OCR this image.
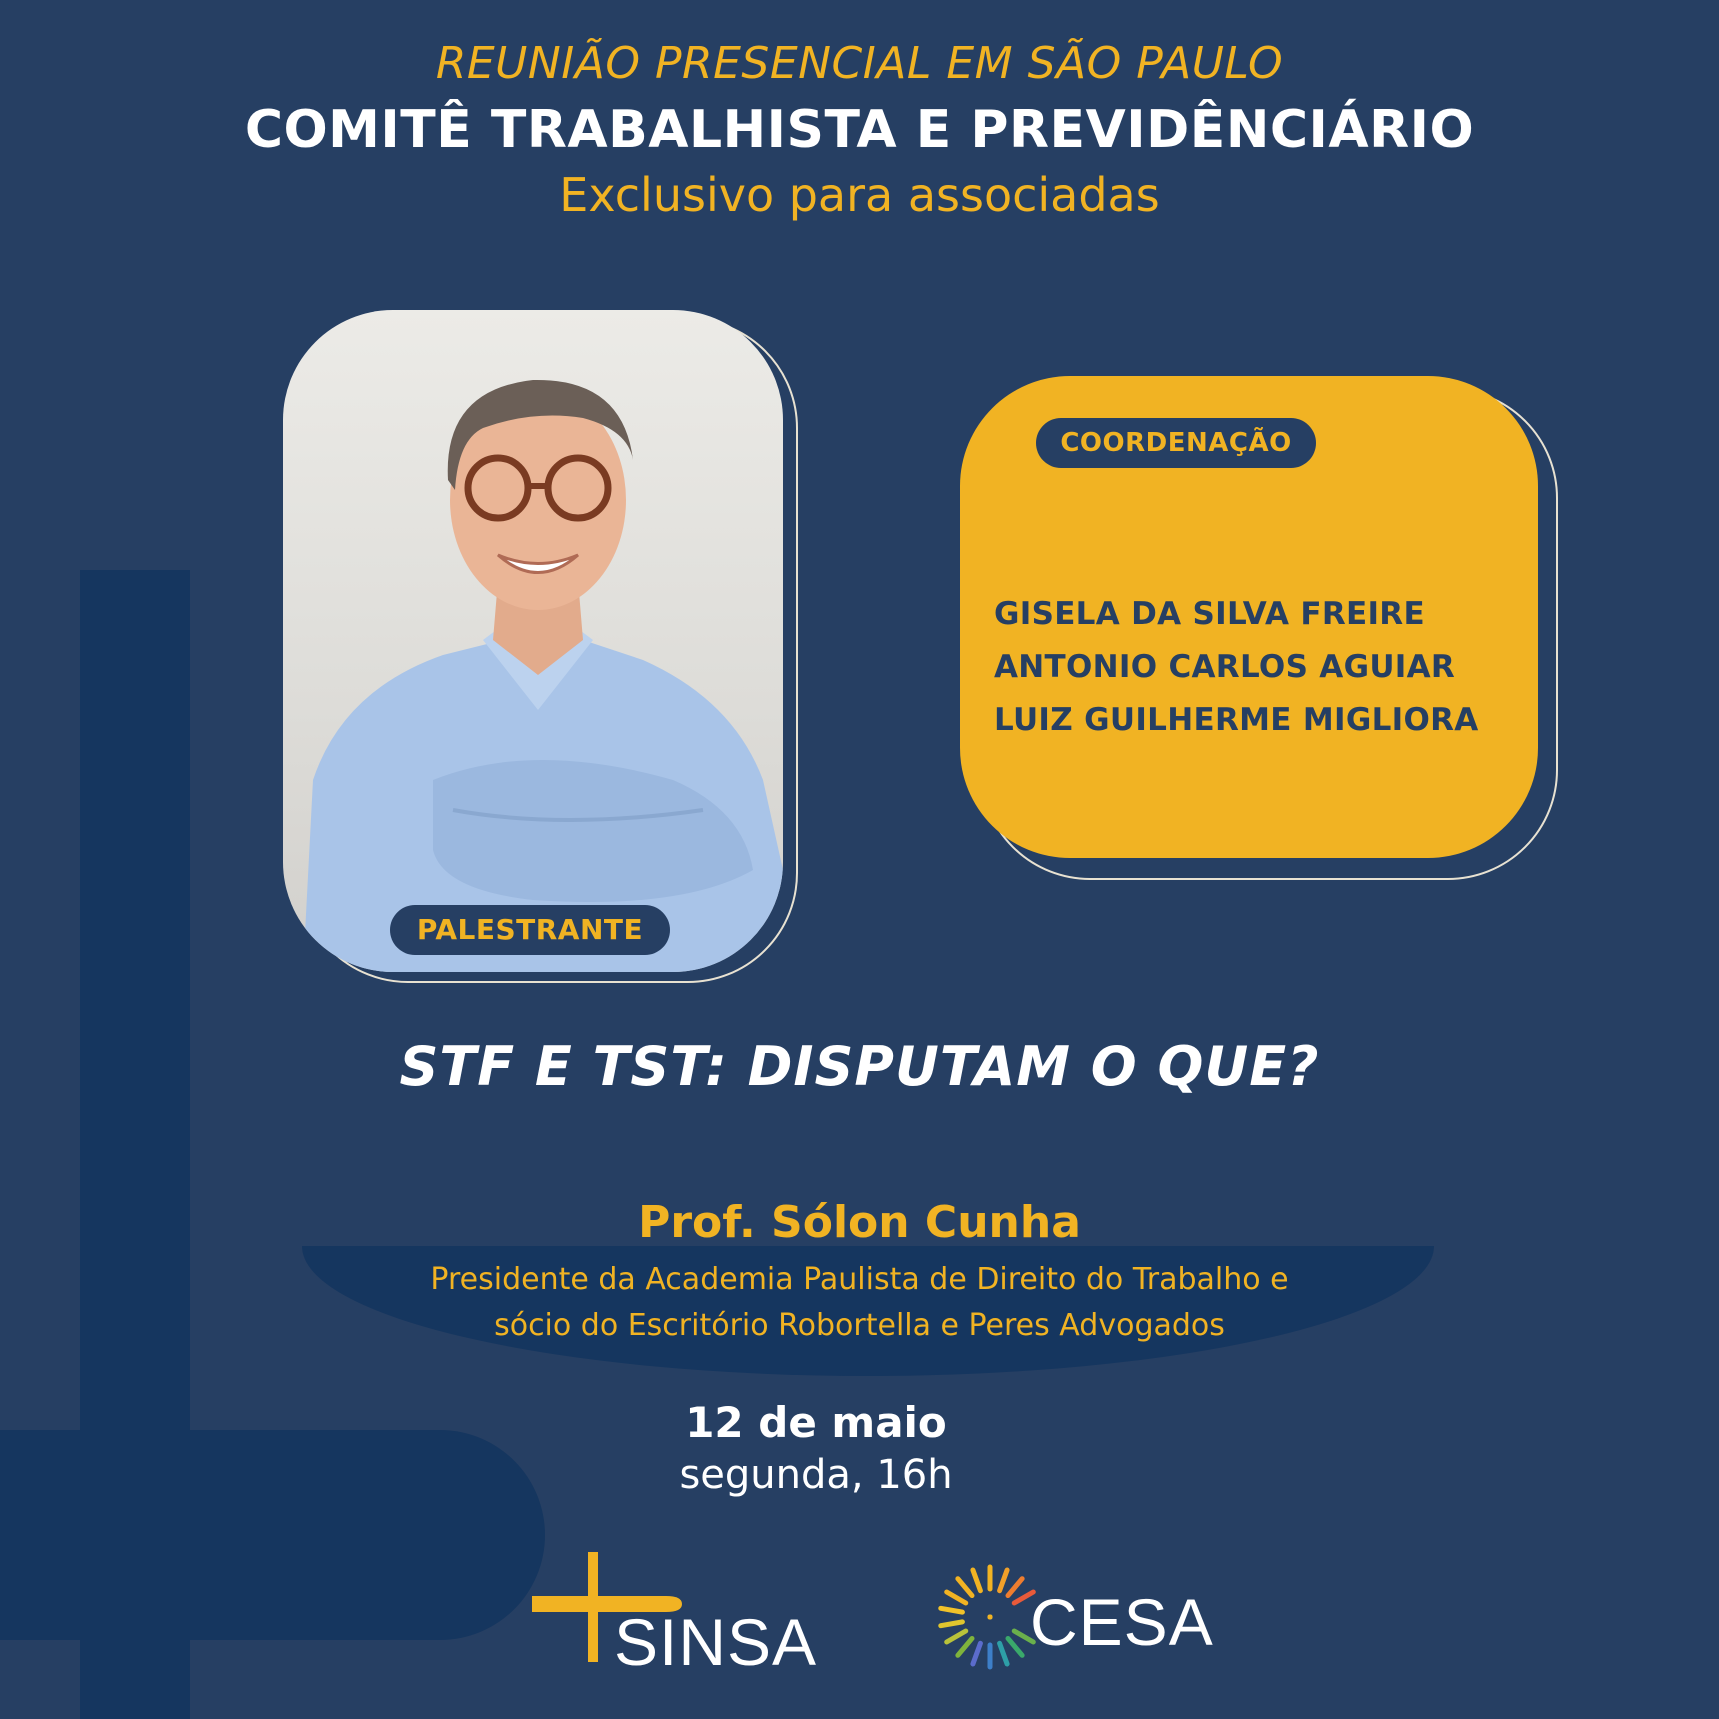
REUNIÃO PRESENCIAL EM SÃO PAULO
COMITÊ TRABALHISTA E PREVIDÊNCIÁRIO
Exclusivo para associadas
PALESTRANTE
COORDENAÇÃO
GISELA DA SILVA FREIRE
ANTONIO CARLOS AGUIAR
LUIZ GUILHERME MIGLIORA
STF E TST: DISPUTAM O QUE?
Prof. Sólon Cunha
Presidente da Academia Paulista de Direito do Trabalho e
sócio do Escritório Robortella e Peres Advogados
12 de maio
segunda, 16h
SINSA	CESA
